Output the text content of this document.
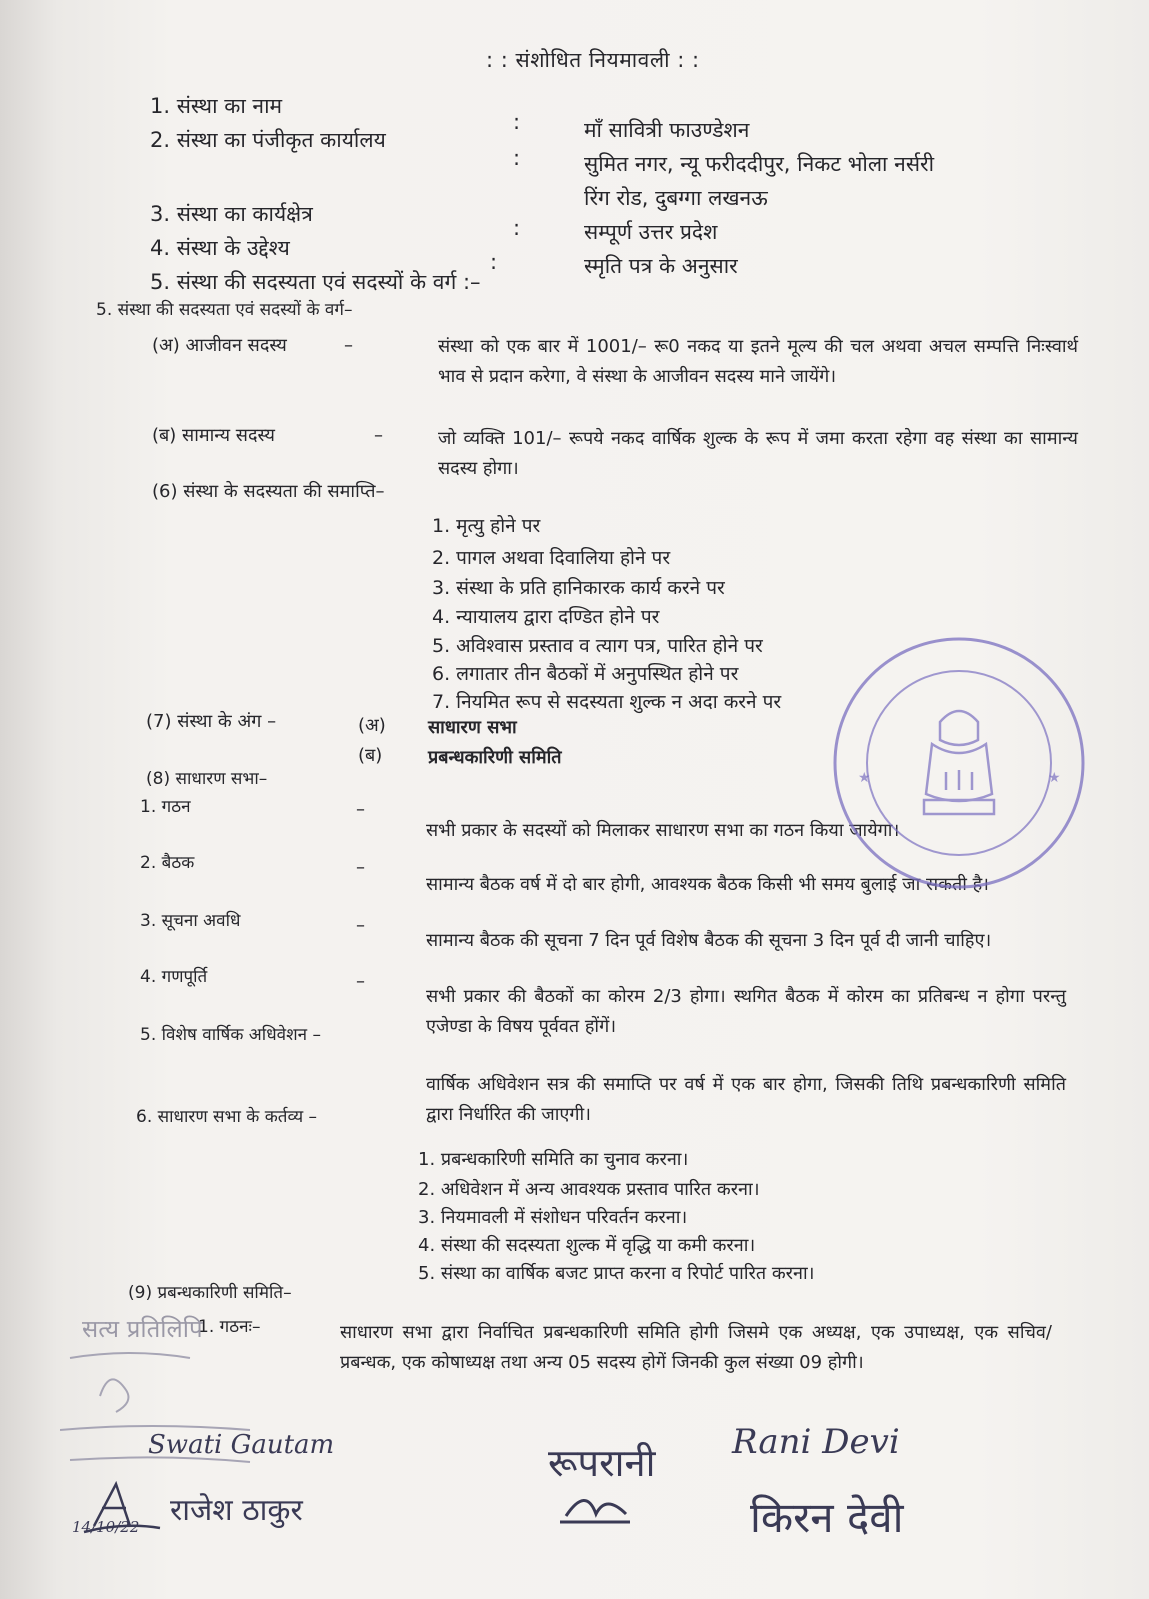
: : संशोधित नियमावली : :
1. संस्था का नाम
:	माँ सावित्री फाउण्डेशन
2. संस्था का पंजीकृत कार्यालय
:	सुमित नगर, न्यू फरीददीपुर, निकट भोला नर्सरी
रिंग रोड, दुबग्गा लखनऊ
3. संस्था का कार्यक्षेत्र
:	सम्पूर्ण उत्तर प्रदेश
4. संस्था के उद्देश्य
:	स्मृति पत्र के अनुसार
5. संस्था की सदस्यता एवं सदस्यों के वर्ग :–
5. संस्था की सदस्यता एवं सदस्यों के वर्ग–
(अ) आजीवन सदस्य	–	संस्था को एक बार में 1001/– रू0 नकद या इतने मूल्य की चल अथवा अचल सम्पत्ति निःस्वार्थ भाव से प्रदान करेगा, वे संस्था के आजीवन सदस्य माने जायेंगे।
(ब) सामान्य सदस्य	–	जो व्यक्ति 101/– रूपये नकद वार्षिक शुल्क के रूप में जमा करता रहेगा वह संस्था का सामान्य सदस्य होगा।
(6) संस्था के सदस्यता की समाप्ति–
1. मृत्यु होने पर
2. पागल अथवा दिवालिया होने पर
3. संस्था के प्रति हानिकारक कार्य करने पर
4. न्यायालय द्वारा दण्डित होने पर
5. अविश्वास प्रस्ताव व त्याग पत्र, पारित होने पर
6. लगातार तीन बैठकों में अनुपस्थित होने पर
7. नियमित रूप से सदस्यता शुल्क न अदा करने पर
(7) संस्था के अंग –	(अ) साधारण सभा
(ब)	प्रबन्धकारिणी समिति
(8) साधारण सभा–
1. गठन	–
सभी प्रकार के सदस्यों को मिलाकर साधारण सभा का गठन किया जायेगा।
2. बैठक	–
सामान्य बैठक वर्ष में दो बार होगी, आवश्यक बैठक किसी भी समय बुलाई जा सकती है।
3. सूचना अवधि	–
सामान्य बैठक की सूचना 7 दिन पूर्व विशेष बैठक की सूचना 3 दिन पूर्व दी जानी चाहिए।
4. गणपूर्ति	–
सभी प्रकार की बैठकों का कोरम 2/3 होगा। स्थगित बैठक में कोरम का प्रतिबन्ध न होगा परन्तु एजेण्डा के विषय पूर्ववत होंगें।
5. विशेष वार्षिक अधिवेशन –
वार्षिक अधिवेशन सत्र की समाप्ति पर वर्ष में एक बार होगा, जिसकी तिथि प्रबन्धकारिणी समिति द्वारा निर्धारित की जाएगी।
6. साधारण सभा के कर्तव्य –
1. प्रबन्धकारिणी समिति का चुनाव करना।
2. अधिवेशन में अन्य आवश्यक प्रस्ताव पारित करना।
3. नियमावली में संशोधन परिवर्तन करना।
4. संस्था की सदस्यता शुल्क में वृद्धि या कमी करना।
5. संस्था का वार्षिक बजट प्राप्त करना व रिपोर्ट पारित करना।
(9) प्रबन्धकारिणी समिति–
1. गठनः–	साधारण सभा द्वारा निर्वाचित प्रबन्धकारिणी समिति होगी जिसमे एक अध्यक्ष, एक उपाध्यक्ष, एक सचिव/प्रबन्धक, एक कोषाध्यक्ष तथा अन्य 05 सदस्य होगें जिनकी कुल संख्या 09 होगी।
★	★
सत्य प्रतिलिपि
Swati Gautam
राजेश ठाकुर
14/10/22
रूपरानी Rani Devi
किरन देवी
